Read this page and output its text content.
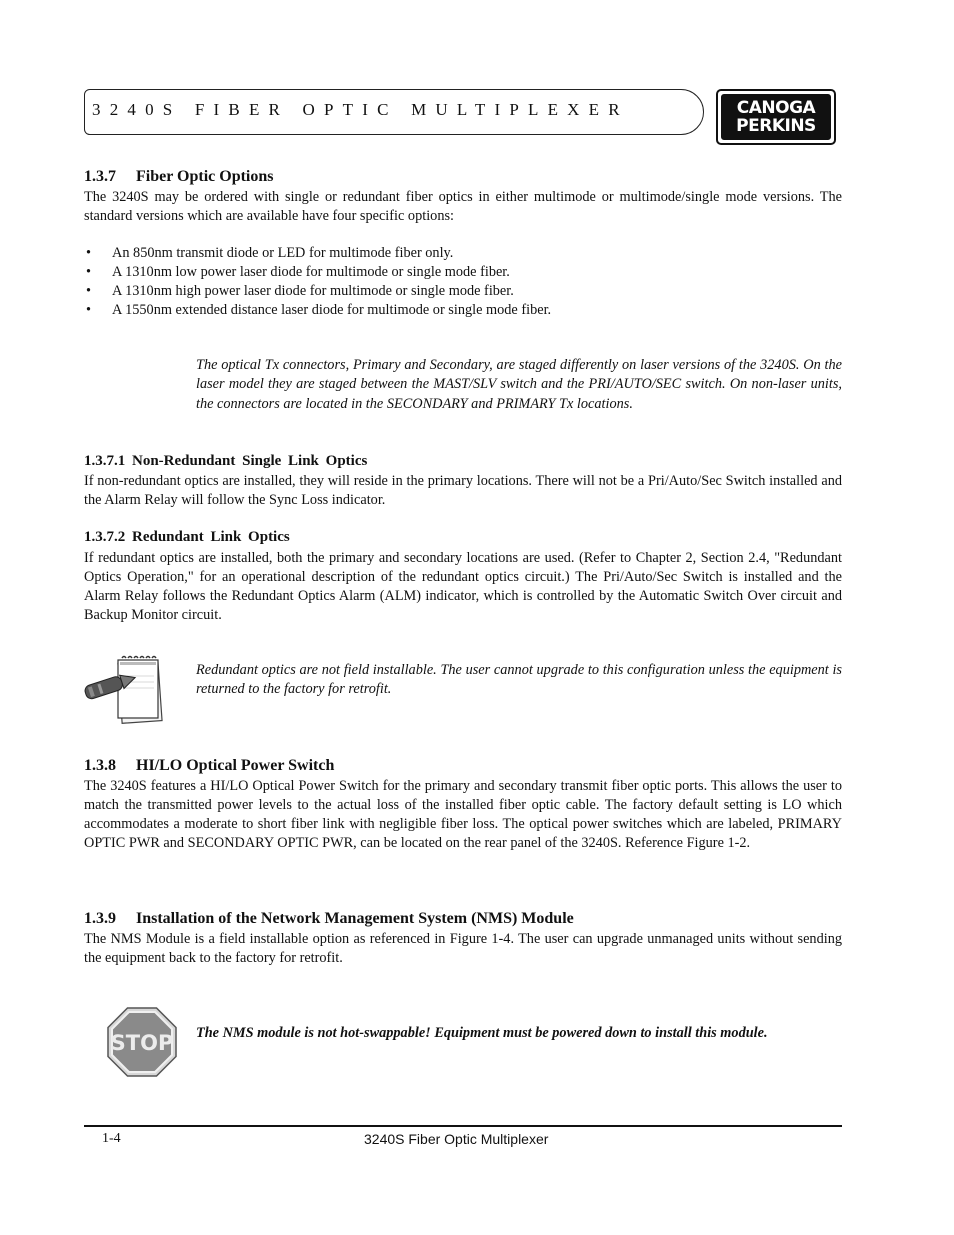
3240S FIBER OPTIC MULTIPLEXER	CANOGA
PERKINS
1.3.7     Fiber Optic Options

The 3240S may be ordered with single or redundant fiber optics in either multimode or multimode/single mode versions. The standard versions which are available have four specific options:

• An 850nm transmit diode or LED for multimode fiber only.
• A 1310nm low power laser diode for multimode or single mode fiber.
• A 1310nm high power laser diode for multimode or single mode fiber.
• A 1550nm extended distance laser diode for multimode or single mode fiber.

The optical Tx connectors, Primary and Secondary, are staged differently on laser versions of the 3240S. On the laser model they are staged between the MAST/SLV switch and the PRI/AUTO/SEC switch. On non-laser units, the connectors are located in the SECONDARY and PRIMARY Tx locations.

1.3.7.1 Non-Redundant Single Link Optics

If non-redundant optics are installed, they will reside in the primary locations. There will not be a Pri/Auto/Sec Switch installed and the Alarm Relay will follow the Sync Loss indicator.

1.3.7.2 Redundant Link Optics

If redundant optics are installed, both the primary and secondary locations are used. (Refer to Chapter 2, Section 2.4, "Redundant Optics Operation," for an operational description of the redundant optics circuit.) The Pri/Auto/Sec Switch is installed and the Alarm Relay follows the Redundant Optics Alarm (ALM) indicator, which is controlled by the Automatic Switch Over circuit and Backup Monitor circuit.

Redundant optics are not field installable. The user cannot upgrade to this configuration unless the equipment is returned to the factory for retrofit.

1.3.8     HI/LO Optical Power Switch

The 3240S features a HI/LO Optical Power Switch for the primary and secondary transmit fiber optic ports. This allows the user to match the transmitted power levels to the actual loss of the installed fiber optic cable. The factory default setting is LO which accommodates a moderate to short fiber link with negligible fiber loss. The optical power switches which are labeled, PRIMARY OPTIC PWR and SECONDARY OPTIC PWR, can be located on the rear panel of the 3240S. Reference Figure 1-2.

1.3.9     Installation of the Network Management System (NMS) Module

The NMS Module is a field installable option as referenced in Figure 1-4. The user can upgrade unmanaged units without sending the equipment back to the factory for retrofit.

STOP The NMS module is not hot-swappable! Equipment must be powered down to install this module.

1-4	3240S Fiber Optic Multiplexer
